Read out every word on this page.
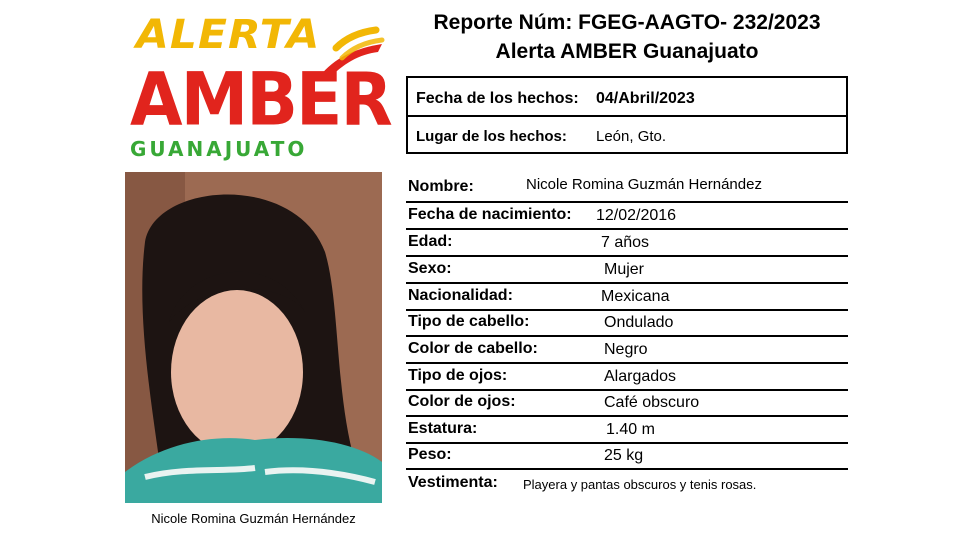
ALERTA
AMBER
GUANAJUATO
Reporte Núm: FGEG-AAGTO- 232/2023
Alerta AMBER Guanajuato
Fecha de los hechos: 04/Abril/2023
Lugar de los hechos: León, Gto.
Nicole Romina Guzmán Hernández
Nombre:	Nicole Romina Guzmán Hernández
Fecha de nacimiento: 12/02/2016
Edad:	7 años
Sexo:	Mujer
Nacionalidad:	Mexicana
Tipo de cabello:	Ondulado
Color de cabello:	Negro
Tipo de ojos:	Alargados
Color de ojos:	Café obscuro
Estatura:	1.40 m
Peso:	25 kg
Vestimenta: Playera y pantas obscuros y tenis rosas.
